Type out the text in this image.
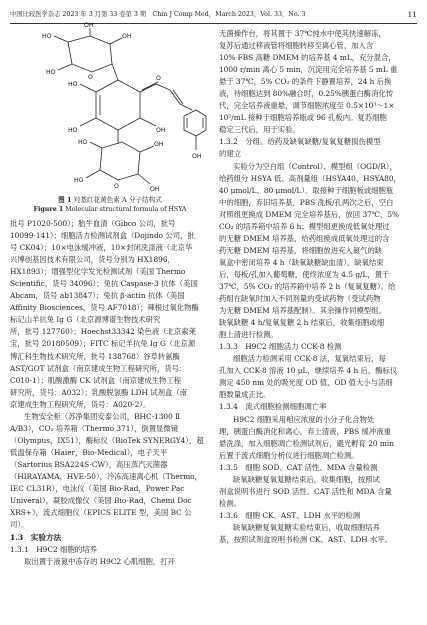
中国比较医学杂志 2023 年 3 月第 33 卷第 3 期　Chin J Comp Med，March 2023，Vol. 33，No. 3	11
HO	OH
OH
HO
O
HO
HO	OH
O
OH
HO
HO
OH
OH
O
图 1 羟基红花黄色素 A 分子结构式
Figure 1 Molecular structural formula of HSYA
批号 P1020-500）；胎牛血清（Gibco 公司，批号
10099-141）；细胞活力检测试剂盒（Dojindo 公司，批
号 CK04）；10×电泳缓冲液，10×封闭洗涤液（北京华
兴博创基因技术有限公司，货号分别为 HX1896，
HX1893）；增强型化学发光检测试剂（美国 Thermo
Scientific，货号 34096）；兔抗 Caspase-3 抗体（美国
Abcam，货号 ab13847）；兔抗 β-actin 抗体（美国
Affinity Biosciences，货号 AF7018）；辣根过氧化物酶
标记山羊抗兔 Ig G（北京源博谱生物技术研究
所，批号 127760）；Hoechst33342 染色液（北京索莱
宝，批号 20180509）；FITC 标记羊抗兔 Ig G（北京源
博汇科生物技术研究所，批号 138768）谷草转氨酶
AST/GOT 试剂盒（南京建成生物工程研究所，货号：
C010-1）；肌酸激酶 CK 试剂盒（南京建成生物工程
研究所，货号：A032）；乳酸脱氢酶 LDH 试剂盒（南
京建成生物工程研究所，货号：A020-2）。
生物安全柜（苏净集团安泰公司，BHC-1300 Ⅱ
A/B3），CO₂ 培养箱（Thermo 371），倒置显微镜
（Olympus，IX51），酶标仪（BioTek SYNERGY4），超
低温保存箱（Haier，Bio-Medical），电子天平
（Sartorius BSA224S-CW），高压蒸汽灭菌器
（HIRAYAMA，HVE-50），冷冻高速离心机（Thermo，
IEC CL31R），电泳仪（美国 Bio-Rad，Power Pac
Univeral），凝胶成像仪（美国 Bio-Rad，Chemi Doc
XRS+），流式细胞仪（EPICS ELITE 型，美国 BC 公
司）。
1.3　实验方法
1.3.1　H9C2 细胞的培养
取出置于液氮中冻存的 H9C2 心肌细胞，打开
无菌操作台，将其置于 37℃纯水中使其快速解冻，
复苏后通过移液管将细胞转移至离心管，加入含
10% FBS 高糖 DMEM 的培养基 4 mL，充分混合，
1000 r/min 离心 5 min，沉淀用完全培养基 5 mL 重
悬于 37℃，5% CO₂ 的条件下静置培养，24 h 后换
液，待细胞达到 80%融合时，0.25%胰蛋白酶消化传
代，完全培养液重悬，调节细胞浓度至 0.5×10³～1×
10⁵/mL 接种于细胞培养瓶或 96 孔板内。复苏细胞
稳定三代后，用于实验。
1.3.2　分组、给药及缺氧缺糖/复氧复糖损伤模型
的建立
实验分为空白组（Control）、模型组（OGD/R），
给药组分 HSYA 低、高剂量组（HSYA40、HSYA80，
40 μmol/L、80 μmol/L）。取接种于细胞板或细胞瓶
中的细胞，弃旧培养基，PBS 洗板/孔两次之后，空白
对照组更换成 DMEM 完全培养基后，放回 37℃，5%
CO₂ 的培养箱中培养 6 h；模型组更换成低氧处理过
的无糖 DMEM 培养基，给药组换成低氧处理过的含
药无糖 DMEM 培养基，将细胞放进充入氮气的缺
氧盒中密闭培养 4 h（缺氧缺糖缺血清），缺氧结束
后，每板/孔加入葡萄糖，使终浓度为 4.5 g/L，置于
37℃，5% CO₂ 的培养箱中培养 2 h（复氧复糖）。给
药组在缺氧时加入不同剂量的受试药物（受试药物
为无糖 DMEM 培养基配制）。其余操作同模型组。
缺氧缺糖 4 h/复氧复糖 2 h 结束后，收集细胞或细
胞上清进行检测。
1.3.3　H9C2 细胞活力 CCK-8 检测
细胞活力检测采用 CCK-8 法，复氧结束后，每
孔加入 CCK-8 溶液 10 μL，继续培养 4 h 后，酶标仪
测定 450 nm 处的吸光度 OD 值，OD 值大小与活细
胞数量成正比。
1.3.4　流式细胞检测细胞凋亡率
H9C2 细胞采用相应浓度的小分子化合物处
理，胰蛋白酶消化和离心，弃上清液，PBS 缓冲液重
悬洗涤，加入细胞凋亡检测试剂后，避光孵育 20 min
后置于流式细胞分析仪进行细胞凋亡检测。
1.3.5　细胞 SOD、CAT 活性、MDA 含量检测
缺氧缺糖复氧复糖结束后，收集细胞，按照试
剂盒说明书进行 SOD 活性、CAT 活性和 MDA 含量
检测。
1.3.6　细胞 CK、AST、LDH 水平的检测
缺氧缺糖复氧复糖实验结束后，收取细胞培养
基，按照试剂盒说明书检测 CK、AST、LDH 水平。
